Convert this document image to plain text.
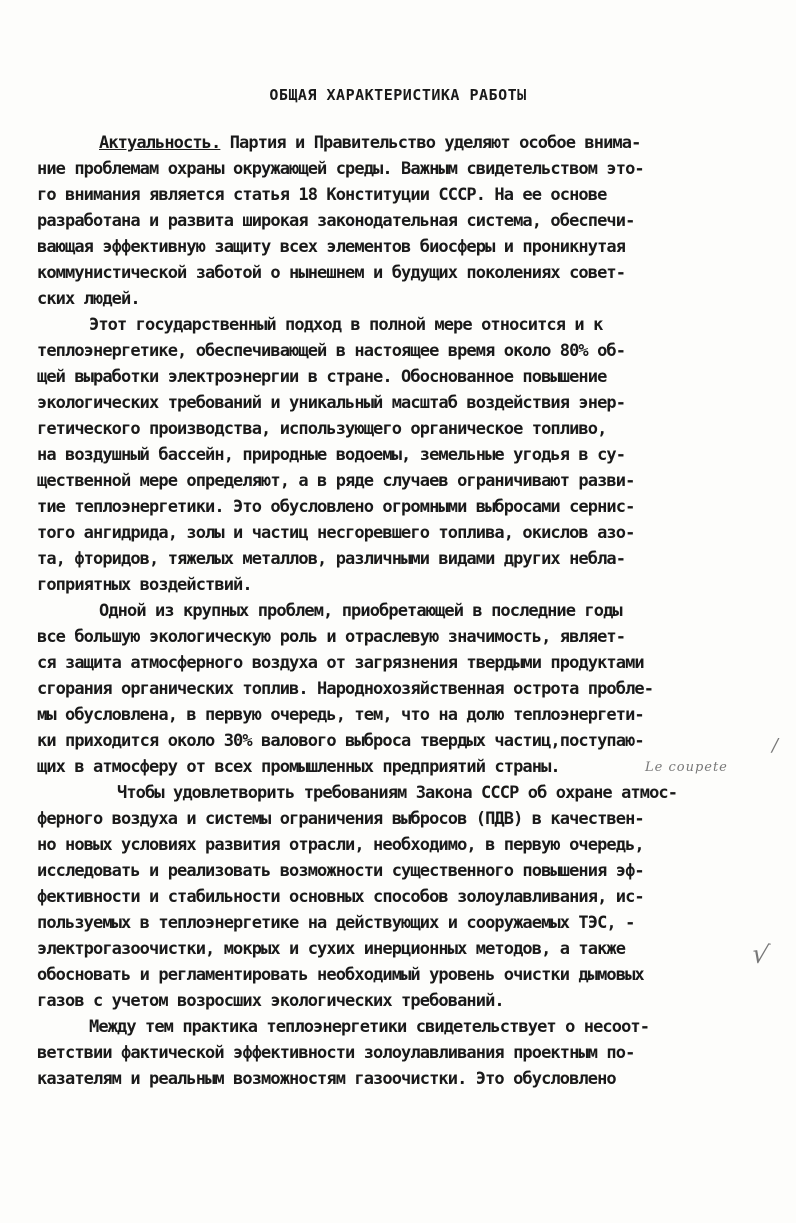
ОБЩАЯ ХАРАКТЕРИСТИКА РАБОТЫ
Актуальность. Партия и Правительство уделяют особое внима-
ние проблемам охраны окружающей среды. Важным свидетельством это-
го внимания является статья 18 Конституции СССР. На ее основе
разработана и развита широкая законодательная система, обеспечи-
вающая эффективную защиту всех элементов биосферы и проникнутая
коммунистической заботой о нынешнем и будущих поколениях совет-
ских людей.
Этот государственный подход в полной мере относится и к
теплоэнергетике, обеспечивающей в настоящее время около 80% об-
щей выработки электроэнергии в стране. Обоснованное повышение
экологических требований и уникальный масштаб воздействия энер-
гетического производства, использующего органическое топливо,
на воздушный бассейн, природные водоемы, земельные угодья в су-
щественной мере определяют, а в ряде случаев ограничивают разви-
тие теплоэнергетики. Это обусловлено огромными выбросами сернис-
того ангидрида, золы и частиц несгоревшего топлива, окислов азо-
та, фторидов, тяжелых металлов, различными видами других небла-
гоприятных воздействий.
Одной из крупных проблем, приобретающей в последние годы
все большую экологическую роль и отраслевую значимость, являет-
ся защита атмосферного воздуха от загрязнения твердыми продуктами
сгорания органических топлив. Народнохозяйственная острота пробле-
мы обусловлена, в первую очередь, тем, что на долю теплоэнергети-
ки приходится около 30% валового выброса твердых частиц,поступаю-
щих в атмосферу от всех промышленных предприятий страны.
Чтобы удовлетворить требованиям Закона СССР об охране атмос-
ферного воздуха и системы ограничения выбросов (ПДВ) в качествен-
но новых условиях развития отрасли, необходимо, в первую очередь,
исследовать и реализовать возможности существенного повышения эф-
фективности и стабильности основных способов золоулавливания, ис-
пользуемых в теплоэнергетике на действующих и сооружаемых ТЭС, -
электрогазоочистки, мокрых и сухих инерционных методов, а также
обосновать и регламентировать необходимый уровень очистки дымовых
газов с учетом возросших экологических требований.
Между тем практика теплоэнергетики свидетельствует о несоот-
ветствии фактической эффективности золоулавливания проектным по-
казателям и реальным возможностям газоочистки. Это обусловлено
Le coupete
/
√
